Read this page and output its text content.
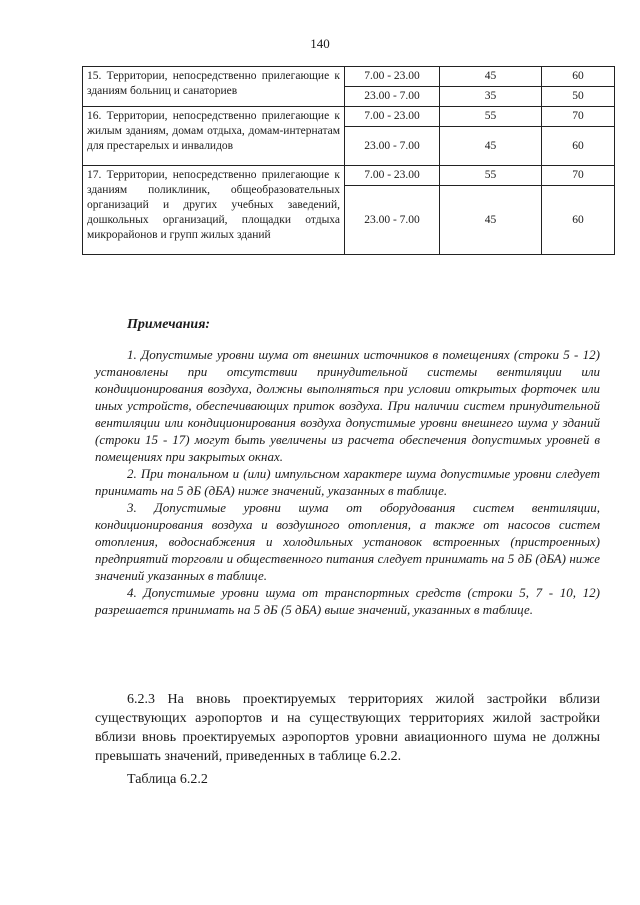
140
15. Территории, непосредственно прилегающие к зданиям больниц и санаториев	7.00 - 23.00	45	60
	23.00 - 7.00	35	50
16. Территории, непосредственно прилегающие к жилым зданиям, домам отдыха, домам-интернатам для престарелых и инвалидов	7.00 - 23.00	55	70
	23.00 - 7.00	45	60
17. Территории, непосредственно прилегающие к зданиям поликлиник, общеобразовательных организаций и других учебных заведений, дошкольных организаций, площадки отдыха микрорайонов и групп жилых зданий	7.00 - 23.00	55	70
	23.00 - 7.00	45	60
Примечания:

1. Допустимые уровни шума от внешних источников в помещениях (строки 5 - 12) установлены при отсутствии принудительной системы вентиляции или кондиционирования воздуха, должны выполняться при условии открытых форточек или иных устройств, обеспечивающих приток воздуха. При наличии систем принудительной вентиляции или кондиционирования воздуха допустимые уровни внешнего шума у зданий (строки 15 - 17) могут быть увеличены из расчета обеспечения допустимых уровней в помещениях при закрытых окнах.

2. При тональном и (или) импульсном характере шума допустимые уровни следует принимать на 5 дБ (дБА) ниже значений, указанных в таблице.

3. Допустимые уровни шума от оборудования систем вентиляции, кондиционирования воздуха и воздушного отопления, а также от насосов систем отопления, водоснабжения и холодильных установок встроенных (пристроенных) предприятий торговли и общественного питания следует принимать на 5 дБ (дБА) ниже значений указанных в таблице.

4. Допустимые уровни шума от транспортных средств (строки 5, 7 - 10, 12) разрешается принимать на 5 дБ (5 дБА) выше значений, указанных в таблице.

6.2.3 На вновь проектируемых территориях жилой застройки вблизи существующих аэропортов и на существующих территориях жилой застройки вблизи вновь проектируемых аэропортов уровни авиационного шума не должны превышать значений, приведенных в таблице 6.2.2.

Таблица 6.2.2
